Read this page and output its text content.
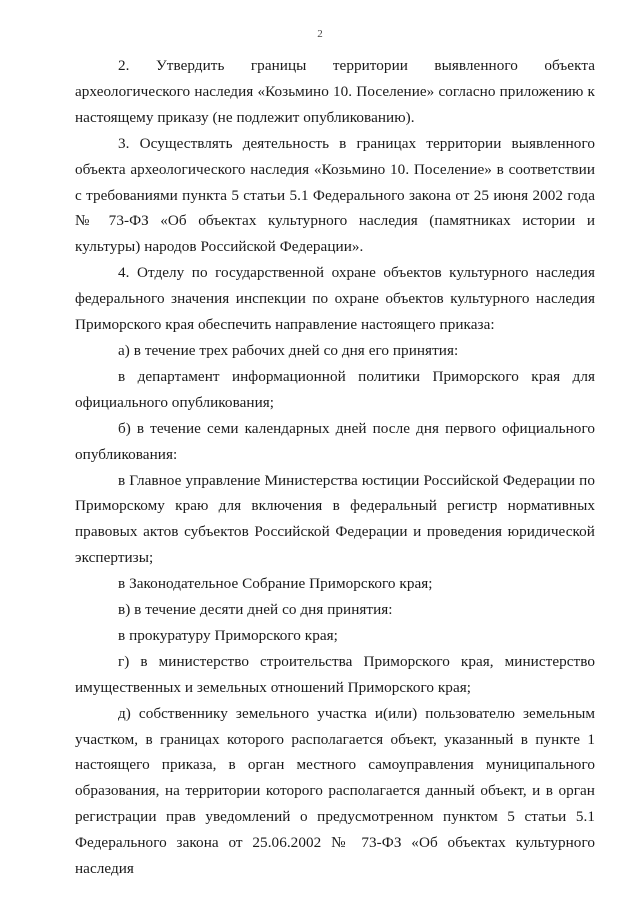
2

2. Утвердить границы территории выявленного объекта археологического наследия «Козьмино 10. Поселение» согласно приложению к настоящему приказу (не подлежит опубликованию).

3. Осуществлять деятельность в границах территории выявленного объекта археологического наследия «Козьмино 10. Поселение» в соответствии с требованиями пункта 5 статьи 5.1 Федерального закона от 25 июня 2002 года № 73-ФЗ «Об объектах культурного наследия (памятниках истории и культуры) народов Российской Федерации».

4. Отделу по государственной охране объектов культурного наследия федерального значения инспекции по охране объектов культурного наследия Приморского края обеспечить направление настоящего приказа:

а) в течение трех рабочих дней со дня его принятия:

в департамент информационной политики Приморского края для официального опубликования;

б) в течение семи календарных дней после дня первого официального опубликования:

в Главное управление Министерства юстиции Российской Федерации по Приморскому краю для включения в федеральный регистр нормативных правовых актов субъектов Российской Федерации и проведения юридической экспертизы;

в Законодательное Собрание Приморского края;

в) в течение десяти дней со дня принятия:

в прокуратуру Приморского края;

г) в министерство строительства Приморского края, министерство имущественных и земельных отношений Приморского края;

д) собственнику земельного участка и(или) пользователю земельным участком, в границах которого располагается объект, указанный в пункте 1 настоящего приказа, в орган местного самоуправления муниципального образования, на территории которого располагается данный объект, и в орган регистрации прав уведомлений о предусмотренном пунктом 5 статьи 5.1 Федерального закона от 25.06.2002 № 73-ФЗ «Об объектах культурного наследия
